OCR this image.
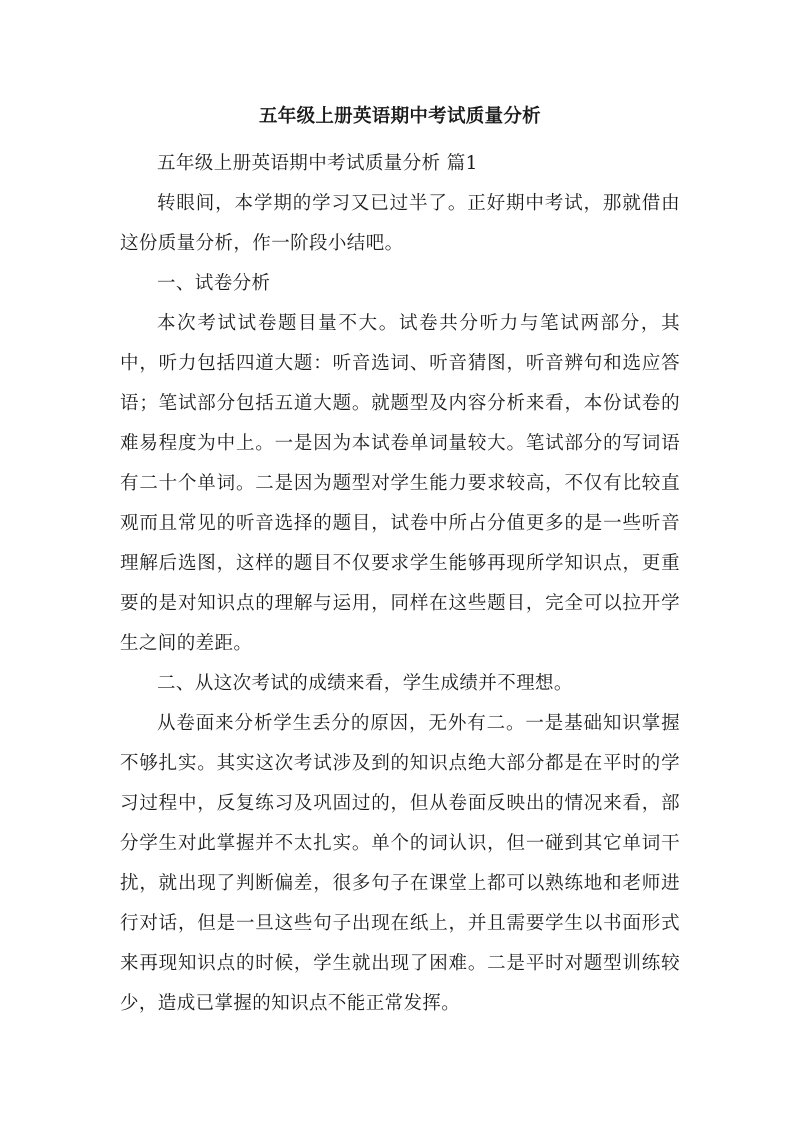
五年级上册英语期中考试质量分析

五年级上册英语期中考试质量分析 篇1

转眼间，本学期的学习又已过半了。正好期中考试，那就借由这份质量分析，作一阶段小结吧。

一、试卷分析

本次考试试卷题目量不大。试卷共分听力与笔试两部分，其中，听力包括四道大题：听音选词、听音猜图，听音辨句和选应答语；笔试部分包括五道大题。就题型及内容分析来看，本份试卷的难易程度为中上。一是因为本试卷单词量较大。笔试部分的写词语有二十个单词。二是因为题型对学生能力要求较高，不仅有比较直观而且常见的听音选择的题目，试卷中所占分值更多的是一些听音理解后选图，这样的题目不仅要求学生能够再现所学知识点，更重要的是对知识点的理解与运用，同样在这些题目，完全可以拉开学生之间的差距。

二、从这次考试的成绩来看，学生成绩并不理想。

从卷面来分析学生丢分的原因，无外有二。一是基础知识掌握不够扎实。其实这次考试涉及到的知识点绝大部分都是在平时的学习过程中，反复练习及巩固过的，但从卷面反映出的情况来看，部分学生对此掌握并不太扎实。单个的词认识，但一碰到其它单词干扰，就出现了判断偏差，很多句子在课堂上都可以熟练地和老师进行对话，但是一旦这些句子出现在纸上，并且需要学生以书面形式来再现知识点的时候，学生就出现了困难。二是平时对题型训练较少，造成已掌握的知识点不能正常发挥。
